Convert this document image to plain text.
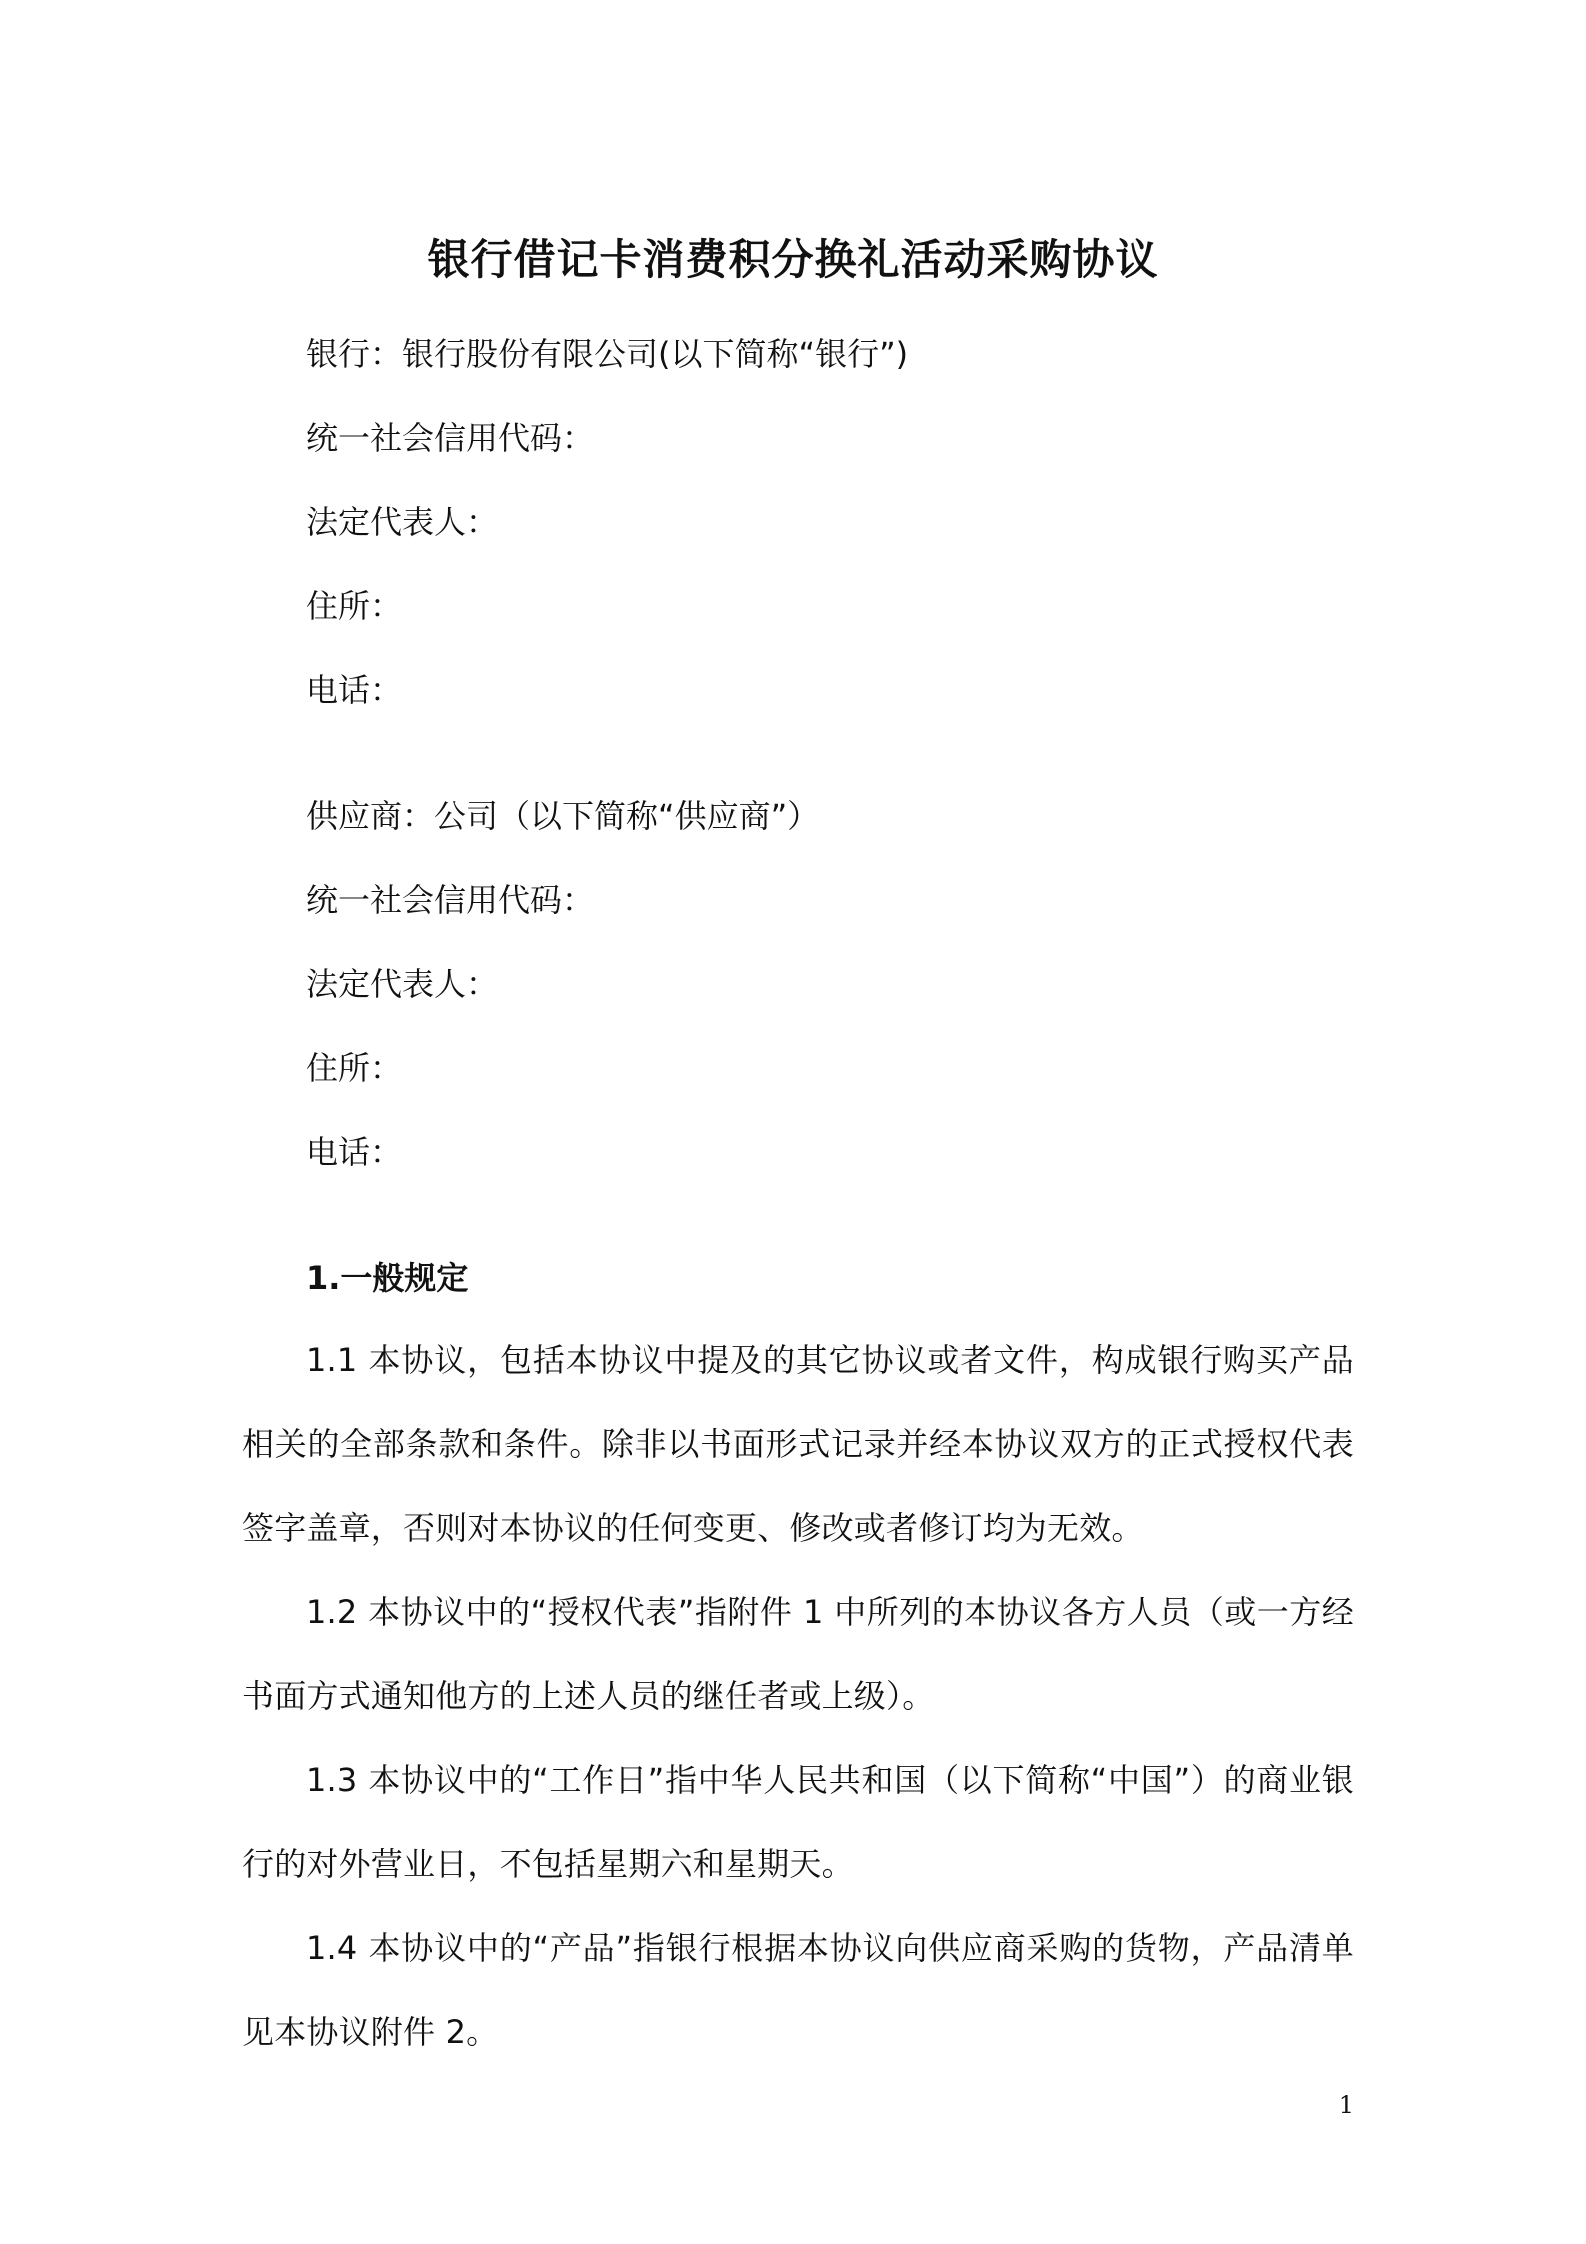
银行借记卡消费积分换礼活动采购协议
银行：银行股份有限公司(以下简称“银行”)
统一社会信用代码：
法定代表人：
住所：
电话：
供应商：公司（以下简称“供应商”）
统一社会信用代码：
法定代表人：
住所：
电话：
1.一般规定
1.1 本协议，包括本协议中提及的其它协议或者文件，构成银行购买产品相关的全部条款和条件。除非以书面形式记录并经本协议双方的正式授权代表签字盖章，否则对本协议的任何变更、修改或者修订均为无效。
1.2 本协议中的“授权代表”指附件 1 中所列的本协议各方人员（或一方经书面方式通知他方的上述人员的继任者或上级）。
1.3 本协议中的“工作日”指中华人民共和国（以下简称“中国”）的商业银行的对外营业日，不包括星期六和星期天。
1.4 本协议中的“产品”指银行根据本协议向供应商采购的货物，产品清单见本协议附件 2。
1
